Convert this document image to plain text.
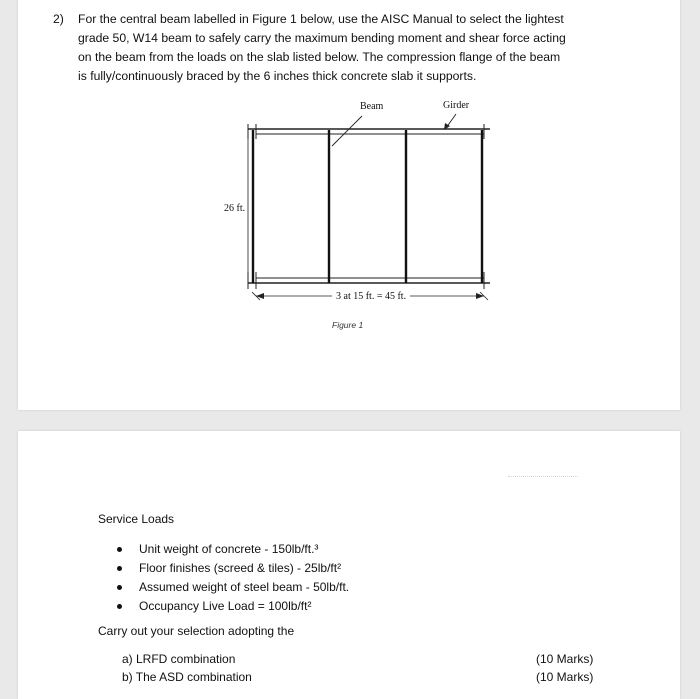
2) For the central beam labelled in Figure 1 below, use the AISC Manual to select the lightest
grade 50, W14 beam to safely carry the maximum bending moment and shear force acting
on the beam from the loads on the slab listed below. The compression flange of the beam
is fully/continuously braced by the 6 inches thick concrete slab it supports.
Beam	Girder
26 ft.
3 at 15 ft. = 45 ft.
Figure 1
Service Loads
Unit weight of concrete - 150lb/ft.³
Floor finishes (screed & tiles) - 25lb/ft²
Assumed weight of steel beam - 50lb/ft.
Occupancy Live Load = 100lb/ft²
Carry out your selection adopting the
a) LRFD combination
b) The ASD combination
(10 Marks)
(10 Marks)
